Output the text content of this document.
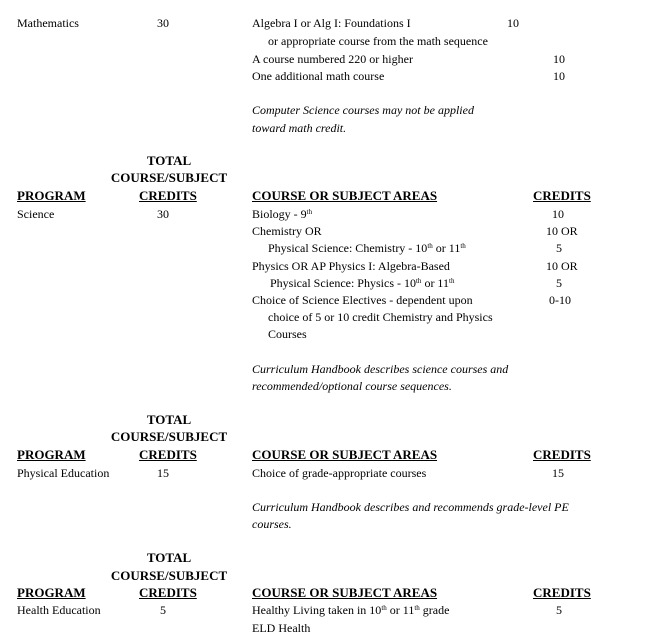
Mathematics	30	Algebra I or Alg I: Foundations I	10
or appropriate course from the math sequence
A course numbered 220 or higher	10
One additional math course	10
Computer Science courses may not be applied
toward math credit.
TOTAL
COURSE/SUBJECT
PROGRAM	CREDITS	COURSE OR SUBJECT AREAS	CREDITS
Science	30	Biology - 9th	10
Chemistry OR	10 OR
Physical Science: Chemistry - 10th or 11th	5
Physics OR AP Physics I: Algebra-Based	10 OR
Physical Science: Physics - 10th or 11th	5
Choice of Science Electives - dependent upon	0-10
choice of 5 or 10 credit Chemistry and Physics
Courses
Curriculum Handbook describes science courses and
recommended/optional course sequences.
TOTAL
COURSE/SUBJECT
PROGRAM	CREDITS	COURSE OR SUBJECT AREAS	CREDITS
Physical Education	15	Choice of grade-appropriate courses	15
Curriculum Handbook describes and recommends grade-level PE
courses.
TOTAL
COURSE/SUBJECT
PROGRAM	CREDITS	COURSE OR SUBJECT AREAS	CREDITS
Health Education	5	Healthy Living taken in 10th or 11th grade	5
ELD Health
